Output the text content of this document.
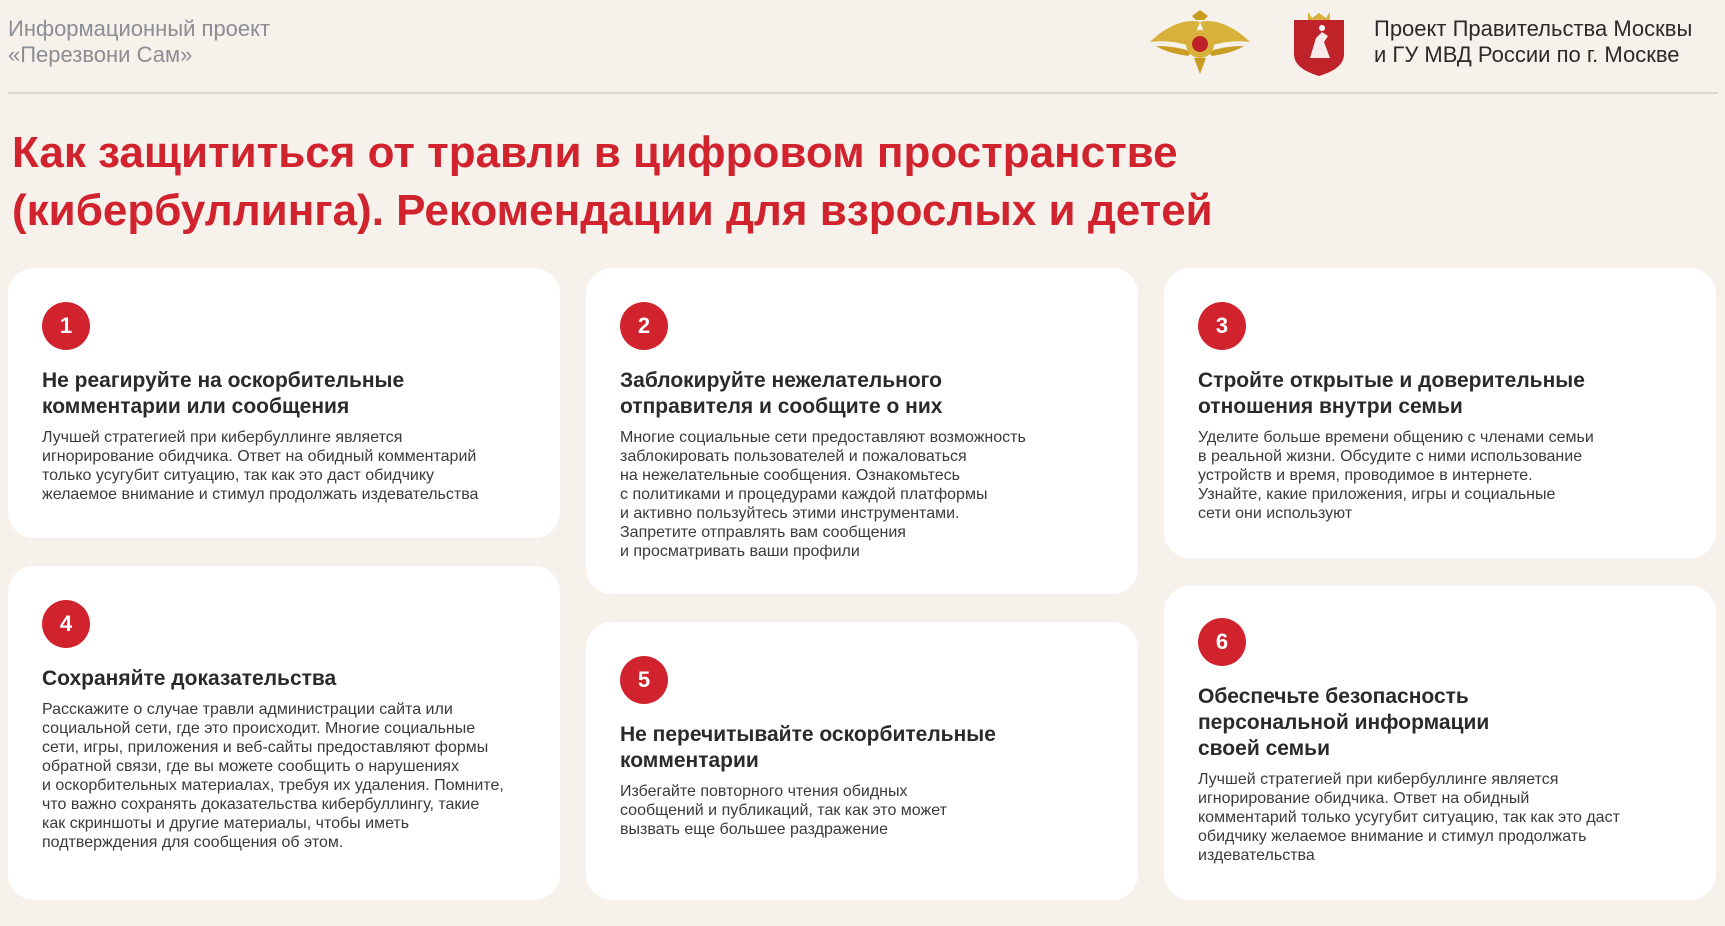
Информационный проект
«Перезвони Сам»
Проект Правительства Москвы
и ГУ МВД России по г. Москве
Как защититься от травли в цифровом пространстве
(кибербуллинга). Рекомендации для взрослых и детей
1
Не реагируйте на оскорбительные
комментарии или сообщения
Лучшей стратегией при кибербуллинге является
игнорирование обидчика. Ответ на обидный комментарий
только усугубит ситуацию, так как это даст обидчику
желаемое внимание и стимул продолжать издевательства
2
Заблокируйте нежелательного
отправителя и сообщите о них
Многие социальные сети предоставляют возможность
заблокировать пользователей и пожаловаться
на нежелательные сообщения. Ознакомьтесь
с политиками и процедурами каждой платформы
и активно пользуйтесь этими инструментами.
Запретите отправлять вам сообщения
и просматривать ваши профили
3
Стройте открытые и доверительные
отношения внутри семьи
Уделите больше времени общению с членами семьи
в реальной жизни. Обсудите с ними использование
устройств и время, проводимое в интернете.
Узнайте, какие приложения, игры и социальные
сети они используют
4
Сохраняйте доказательства
Расскажите о случае травли администрации сайта или
социальной сети, где это происходит. Многие социальные
сети, игры, приложения и веб-сайты предоставляют формы
обратной связи, где вы можете сообщить о нарушениях
и оскорбительных материалах, требуя их удаления. Помните,
что важно сохранять доказательства кибербуллингу, такие
как скриншоты и другие материалы, чтобы иметь
подтверждения для сообщения об этом.
5
Не перечитывайте оскорбительные
комментарии
Избегайте повторного чтения обидных
сообщений и публикаций, так как это может
вызвать еще большее раздражение
6
Обеспечьте безопасность
персональной информации
своей семьи
Лучшей стратегией при кибербуллинге является
игнорирование обидчика. Ответ на обидный
комментарий только усугубит ситуацию, так как это даст
обидчику желаемое внимание и стимул продолжать
издевательства
